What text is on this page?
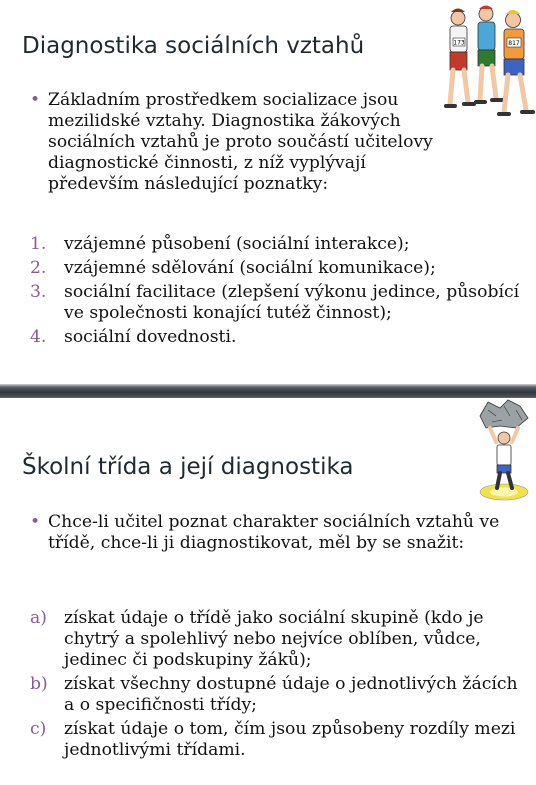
Diagnostika sociálních vztahů	173	817
• Základním prostředkem socializace jsou mezilidské vztahy. Diagnostika žákových sociálních vztahů je proto součástí učitelovy diagnostické činnosti, z níž vyplývají především následující poznatky:
1. vzájemné působení (sociální interakce);
2. vzájemné sdělování (sociální komunikace);
3. sociální facilitace (zlepšení výkonu jedince, působící ve společnosti konající tutéž činnost);
4. sociální dovednosti.
Školní třída a její diagnostika
• Chce-li učitel poznat charakter sociálních vztahů ve třídě, chce-li ji diagnostikovat, měl by se snažit:
a) získat údaje o třídě jako sociální skupině (kdo je chytrý a spolehlivý nebo nejvíce oblíben, vůdce, jedinec či podskupiny žáků);
b) získat všechny dostupné údaje o jednotlivých žácích a o specifičnosti třídy;
c) získat údaje o tom, čím jsou způsobeny rozdíly mezi jednotlivými třídami.
